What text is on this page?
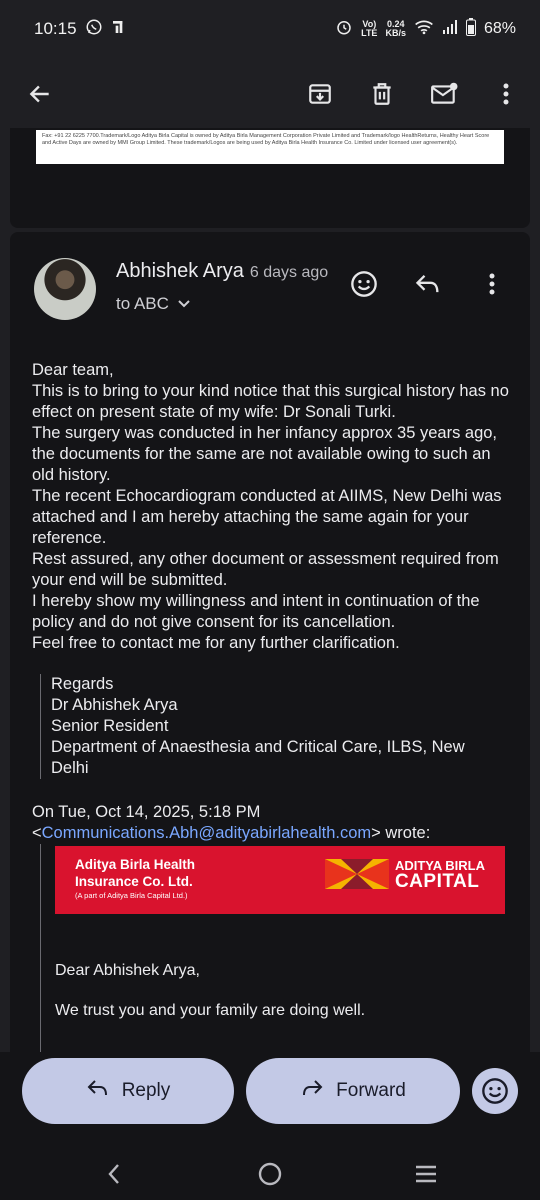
10:15	Vo)
LTE
0.24
KB/s	68%
Fax: +91 22 6225 7700.Trademark/Logo Aditya Birla Capital is owned by Aditya Birla Management Corporation Private Limited and Trademark/logo HealthReturns, Healthy Heart Score and Active Days are owned by MMI Group Limited. These trademark/Logos are being used by Aditya Birla Health Insurance Co. Limited under licensed user agreement(s).
Abhishek Arya 6 days ago
to ABC

Dear team,

This is to bring to your kind notice that this surgical history has no effect on present state of my wife: Dr Sonali Turki.

The surgery was conducted in her infancy approx 35 years ago, the documents for the same are not available owing to such an old history.

The recent Echocardiogram conducted at AIIMS, New Delhi was attached and I am hereby attaching the same again for your reference.

Rest assured, any other document or assessment required from your end will be submitted.

I hereby show my willingness and intent in continuation of the policy and do not give consent for its cancellation.

Feel free to contact me for any further clarification.

Regards

Dr Abhishek Arya

Senior Resident

Department of Anaesthesia and Critical Care, ILBS, New Delhi

On Tue, Oct 14, 2025, 5:18 PM <Communications.Abh@adityabirlahealth.com> wrote:
Aditya Birla Health
Insurance Co. Ltd.
(A part of Aditya Birla Capital Ltd.)
ADITYA BIRLA
CAPITAL
Dear Abhishek Arya,
We trust you and your family are doing well.
Reply	Forward
